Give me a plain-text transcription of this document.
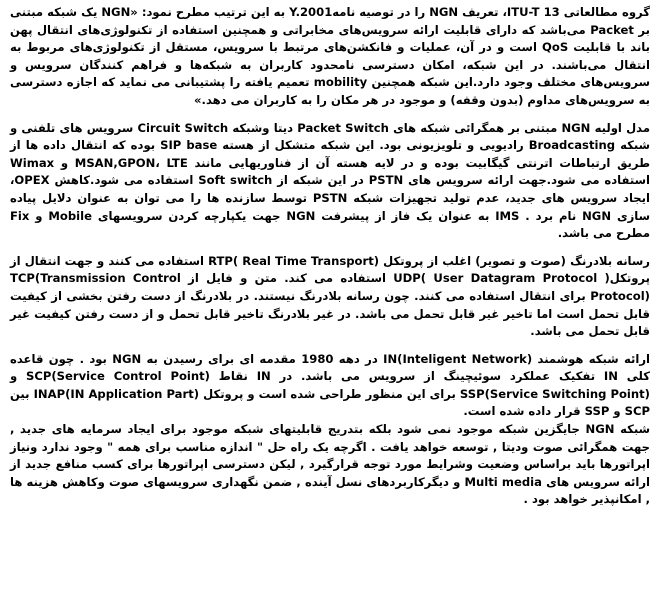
گروه مطالعاتی ITU-T 13، تعریف NGN را در توصیه نامهY.2001 به این ترتیب مطرح نمود: «NGN یک شبکه مبتنی بر Packet می‌باشد که دارای قابلیت ارائه سرویس‌های مخابراتی و همچنین استفاده از تکنولوژی‌های انتقال پهن باند با قابلیت QoS است و در آن، عملیات و فانکشن‌های مرتبط با سرویس، مستقل از تکنولوژی‌های مربوط به انتقال می‌باشند. در این شبکه، امکان دسترسی نامحدود کاربران به شبکه‌ها و فراهم کنندگان سرویس و سرویس‌های مختلف وجود دارد.این شبکه همچنین mobility تعمیم یافته را پشتیبانی می نماید که اجازه دسترسی به سرویس‌های مداوم (بدون وقفه) و موجود در هر مکان را به کاربران می دهد.»

مدل اولیه NGN مبتنی بر همگرائی شبکه های Packet Switch دیتا وشبکه Circuit Switch سرویس های تلفنی و شبکه Broadcasting رادیویی و تلویزیونی بود. این شبکه متشکل از هسته SIP base بوده که انتقال داده ها از طریق ارتباطات اترنتی گیگابیت بوده و در لایه هسته آن از فناوریهایی مانند MSAN,GPON، LTE و Wimax استفاده می شود.جهت ارائه سرویس های PSTN در این شبکه از Soft switch استفاده می شود.کاهش OPEX، ایجاد سرویس های جدید، عدم تولید تجهیزات شبکه PSTN توسط سازنده ها را می توان به عنوان دلایل پیاده سازی NGN نام برد . IMS به عنوان یک فاز از پیشرفت NGN جهت یکپارچه کردن سرویسهای Mobile و Fix مطرح می باشد.

رسانه بلادرنگ (صوت و تصویر) اغلب از پروتکل RTP( Real Time Transport) استفاده می کنند و جهت انتقال از پروتکلUDP( User Datagram Protocol ) استفاده می کند. متن و فایل از TCP(Transmission Control Protocol) برای انتقال استفاده می کنند. چون رسانه بلادرنگ نیستند. در بلادرنگ از دست رفتن بخشی از کیفیت قابل تحمل است اما تاخیر غیر قابل تحمل می باشد. در غیر بلادرنگ تاخیر قابل تحمل و از دست رفتن کیفیت غیر قابل تحمل می باشد.

ارائه شبکه هوشمند IN(Inteligent Network) در دهه 1980 مقدمه ای برای رسیدن به NGN بود . چون قاعده کلی IN تفکیک عملکرد سوئیچینگ از سرویس می باشد. در IN نقاط SCP(Service Control Point) و SSP(Service Switching Point) برای این منظور طراحی شده است و پروتکل INAP(IN Application Part) بین SCP و SSP قرار داده شده است.

شبکه NGN جایگزین شبکه موجود نمی شود بلکه بتدریج قابلیتهای شبکه موجود برای ایجاد سرمایه های جدید , جهت همگرائی صوت ودیتا , توسعه خواهد یافت . اگرچه یک راه حل " اندازه مناسب برای همه " وجود ندارد ونیاز اپراتورها باید براساس وضعیت وشرایط مورد توجه قرارگیرد , لیکن دسترسی اپراتورها برای کسب منافع جدید از ارائه سرویس های Multi media و دیگرکاربردهای نسل آینده , ضمن نگهداری سرویسهای صوت وکاهش هزینه ها , امکانپذیر خواهد بود .
